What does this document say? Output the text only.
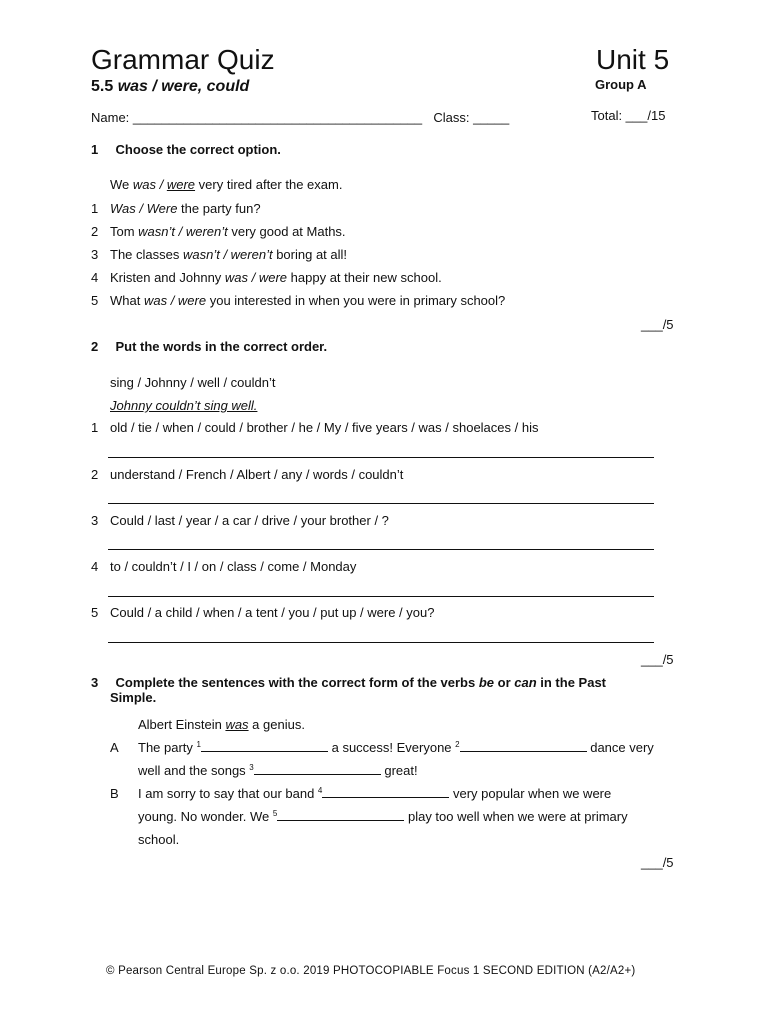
Grammar Quiz	Unit 5
5.5 was / were, could	Group A
Name: ________________________________________ Class: _____	Total: ___/15
1 Choose the correct option.
We was / were very tired after the exam.
1 Was / Were the party fun?
2 Tom wasn’t / weren’t very good at Maths.
3 The classes wasn’t / weren’t boring at all!
4 Kristen and Johnny was / were happy at their new school.
5 What was / were you interested in when you were in primary school?
___/5
2 Put the words in the correct order.
sing / Johnny / well / couldn’t
Johnny couldn’t sing well.
1 old / tie / when / could / brother / he / My / five years / was / shoelaces / his
2 understand / French / Albert / any / words / couldn’t
3 Could / last / year / a car / drive / your brother / ?
4 to / couldn’t / I / on / class / come / Monday
5 Could / a child / when / a tent / you / put up / were / you?
___/5
3 Complete the sentences with the correct form of the verbs be or can in the Past
Simple.
Albert Einstein was a genius.
A The party $^1$	a success! Everyone $^2$	dance very
well and the songs $^3$	great!
B I am sorry to say that our band $^4$	very popular when we were
young. No wonder. We $^5$	play too well when we were at primary
school.
___/5
© Pearson Central Europe Sp. z o.o. 2019 PHOTOCOPIABLE Focus 1 SECOND EDITION (A2/A2+)
